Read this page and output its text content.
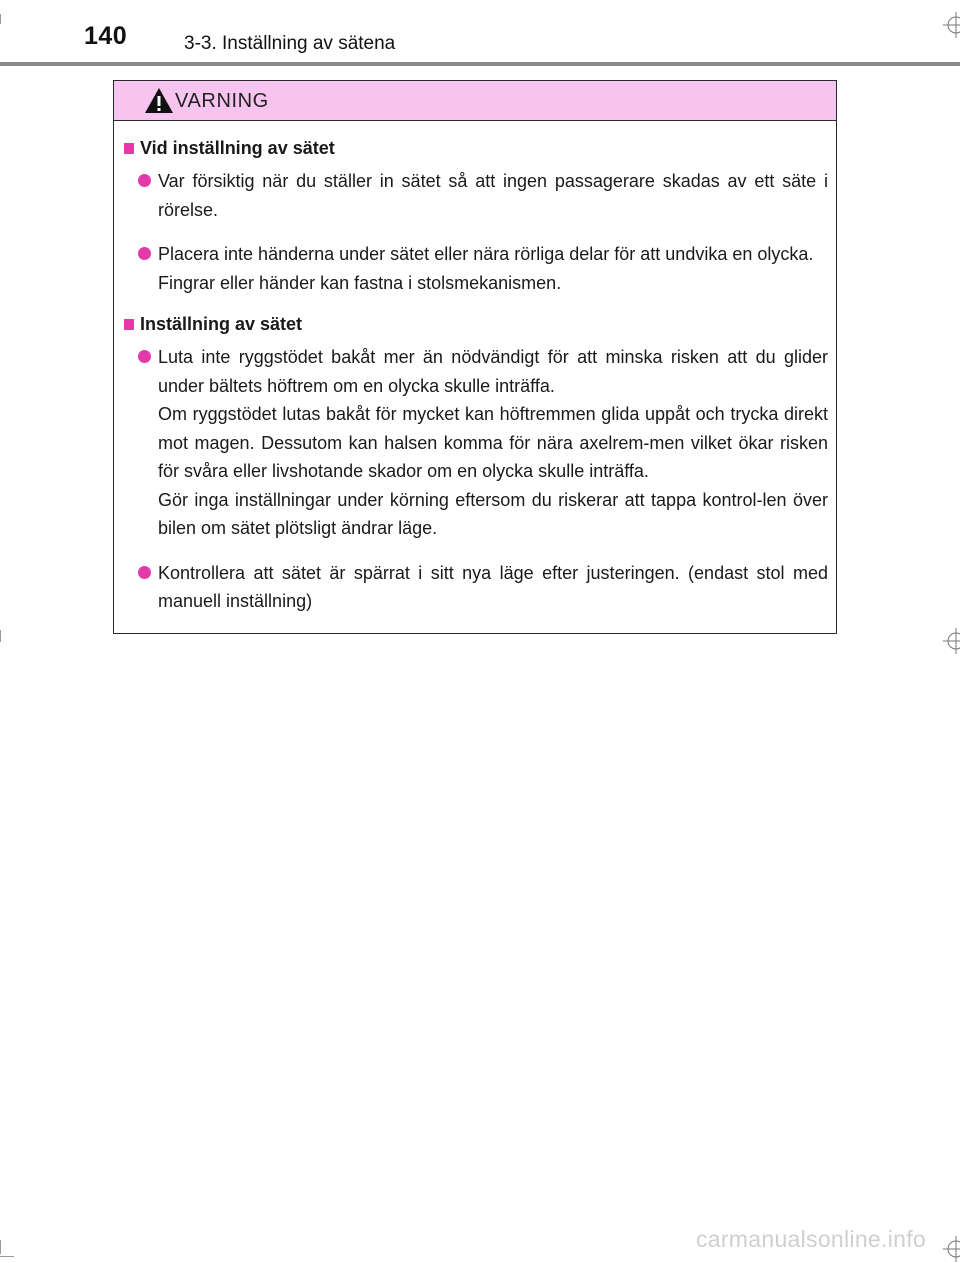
140	3-3. Inställning av sätena
VARNING
Vid inställning av sätet

Var försiktig när du ställer in sätet så att ingen passagerare skadas av ett säte i rörelse.

Placera inte händerna under sätet eller nära rörliga delar för att undvika en olycka.

Fingrar eller händer kan fastna i stolsmekanismen.

Inställning av sätet

Luta inte ryggstödet bakåt mer än nödvändigt för att minska risken att du glider under bältets höftrem om en olycka skulle inträffa.

Om ryggstödet lutas bakåt för mycket kan höftremmen glida uppåt och trycka direkt mot magen. Dessutom kan halsen komma för nära axelrem-men vilket ökar risken för svåra eller livshotande skador om en olycka skulle inträffa.

Gör inga inställningar under körning eftersom du riskerar att tappa kontrol-len över bilen om sätet plötsligt ändrar läge.

Kontrollera att sätet är spärrat i sitt nya läge efter justeringen. (endast stol med manuell inställning)

carmanualsonline.info
